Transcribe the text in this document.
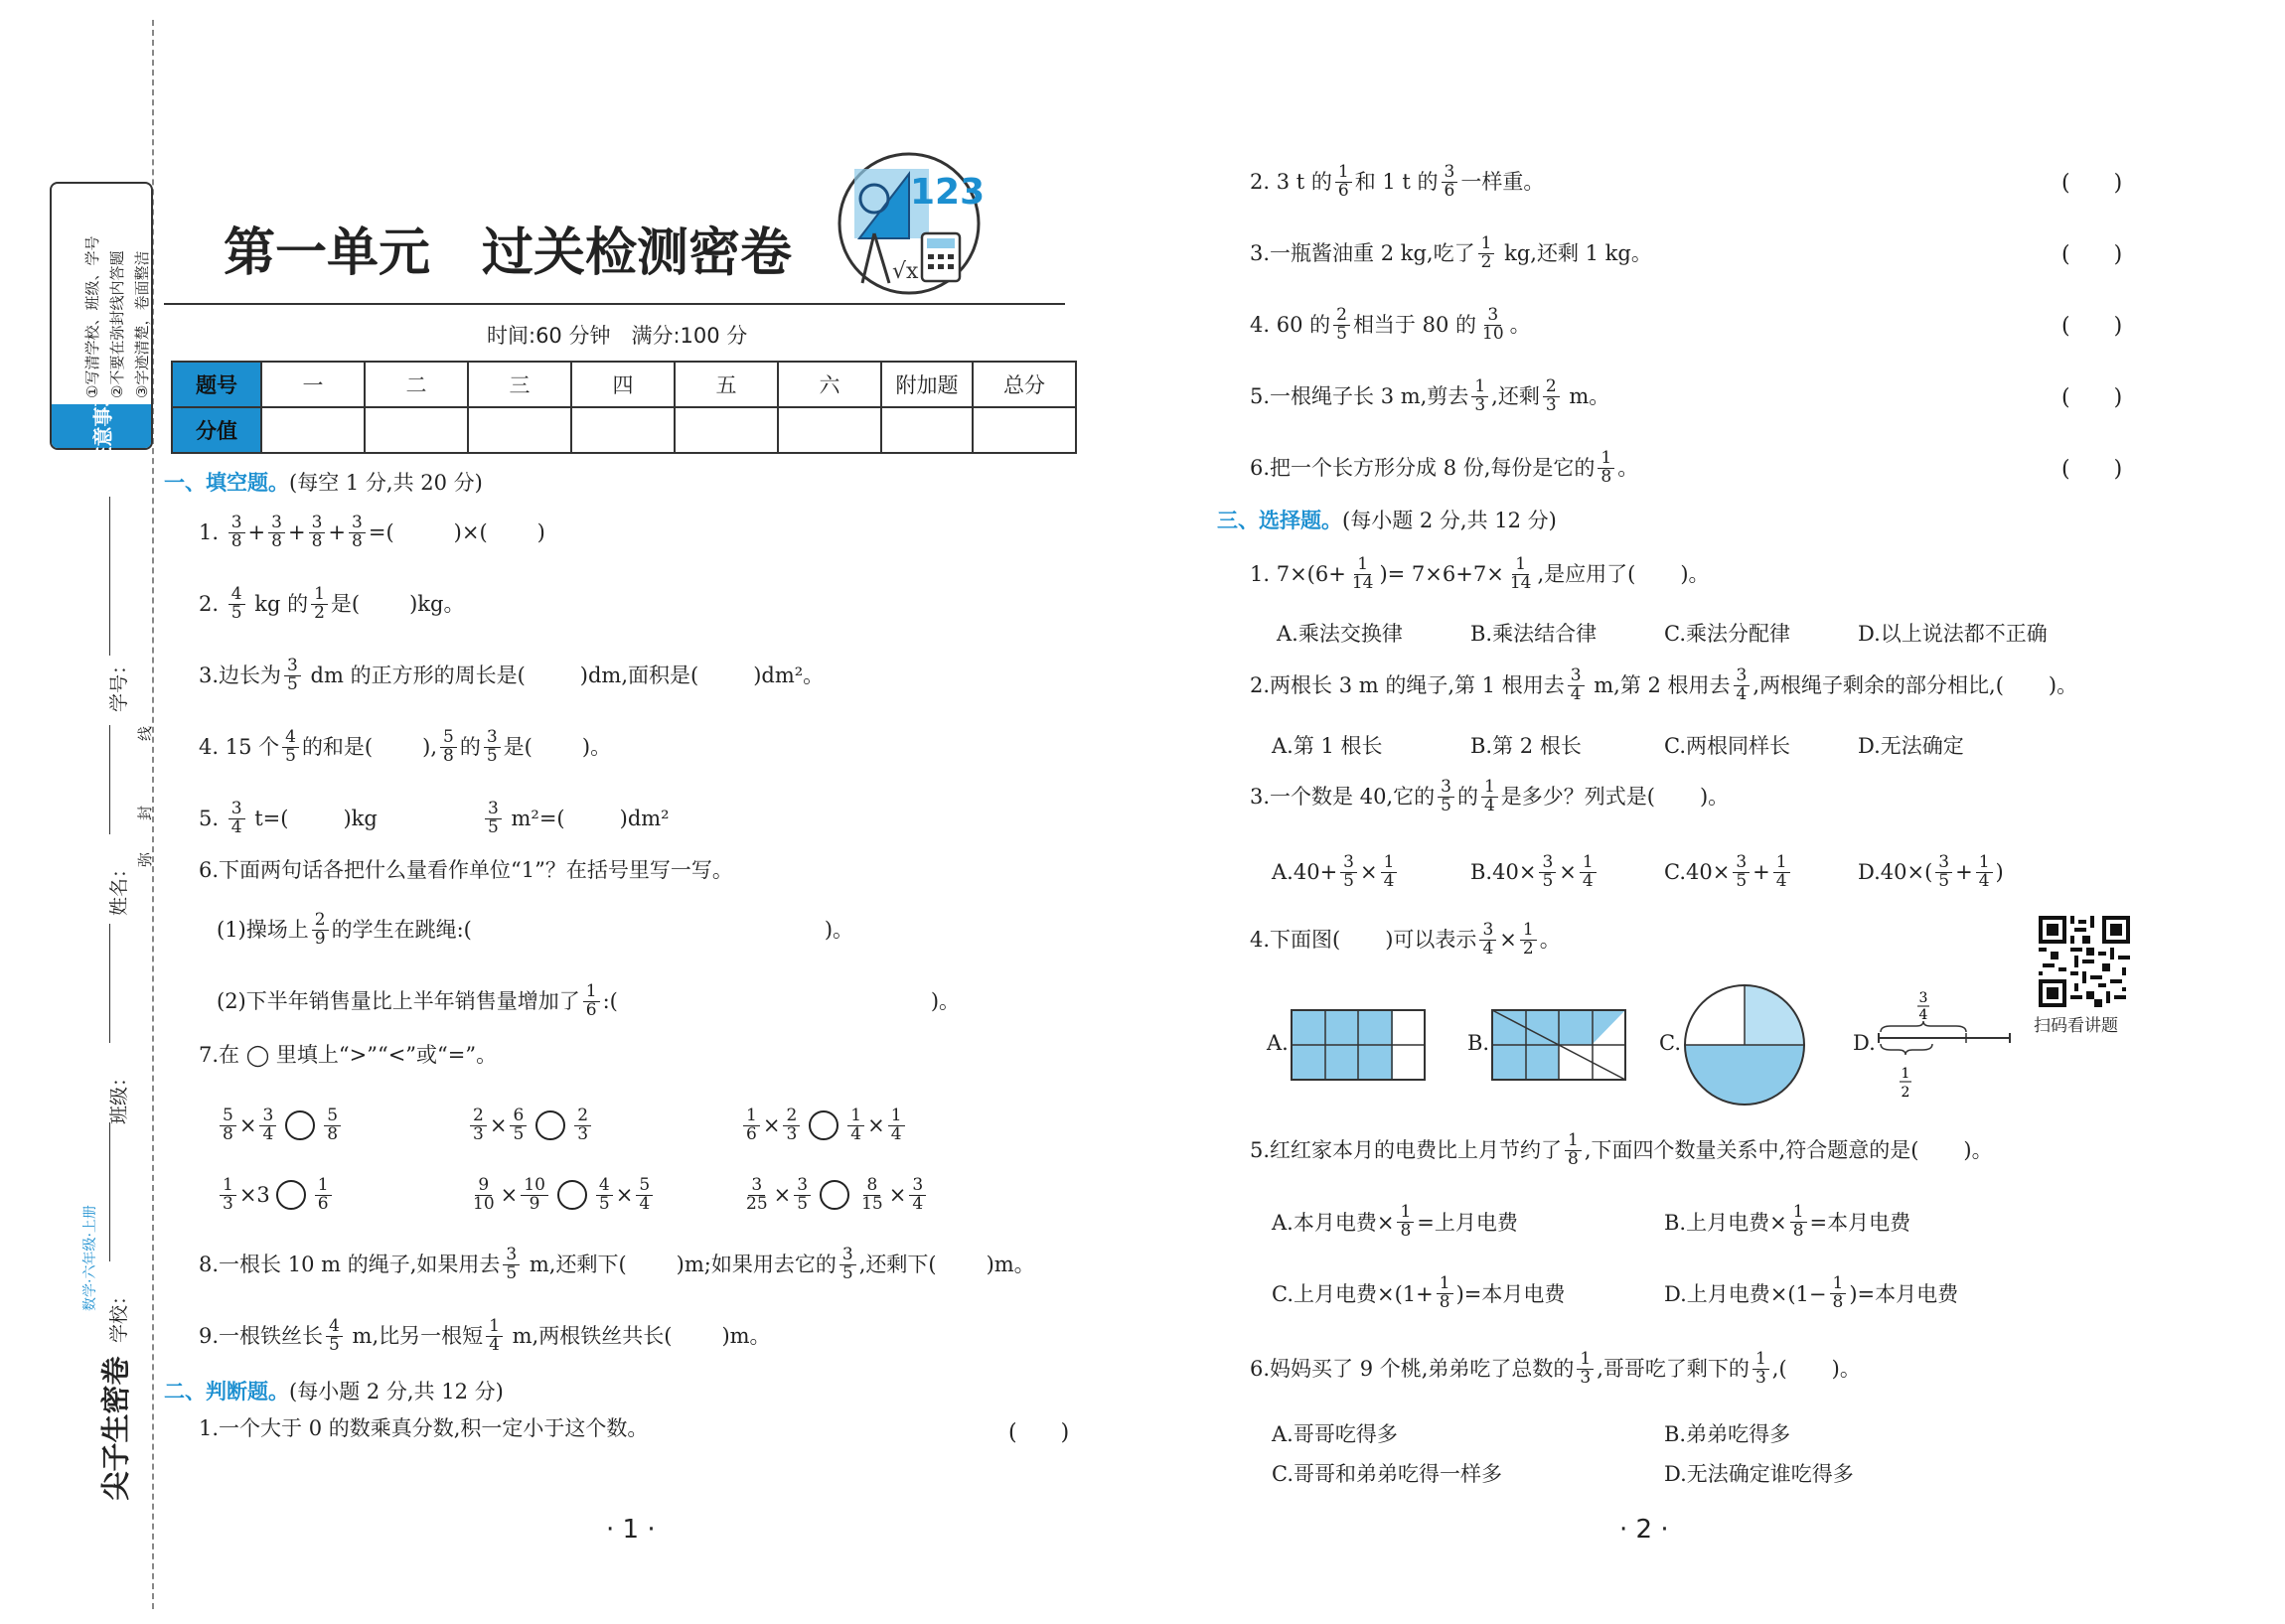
注意事项
①写清学校、班级、学号 ②不要在弥封线内答题 ③字迹清楚，卷面整洁
学号：
姓名：
班级：
学校：
线
封
弥
数学·六年级·上册
尖子生密卷
第一单元　过关检测密卷
123
√x
时间:60 分钟　满分:100 分
题号	一	二	三	四	五	六	附加题	总分
分值								
一、填空题。(每空 1 分,共 20 分)
1. $\frac{3}{8} + \frac{3}{8} + \frac{3}{8} + \frac{3}{8}$ =(	)×( )
2. $\frac{4}{5}$ kg 的 $\frac{1}{2}$ 是( )kg。
3.边长为 $\frac{3}{5}$ dm 的正方形的周长是(	)dm,面积是(	)dm²。
4. 15 个 $\frac{4}{5}$ 的和是( ), $\frac{5}{8}$ 的 $\frac{3}{5}$ 是( )。
5. $\frac{3}{4} t=$(	)kg	$\frac{3}{5} m^2=$(	)dm²
6.下面两句话各把什么量看作单位“1”？在括号里写一写。
(1)操场上 $\frac{2}{9}$ 的学生在跳绳:(	)。
(2)下半年销售量比上半年销售量增加了 $\frac{1}{6}$ :(	)。
7.在 ◯ 里填上“>”“<”或“=”。
$\frac{5}{8} \times \frac{3}{4}$	$\frac{5}{8}$	$\frac{2}{3} \times \frac{6}{5}$	$\frac{2}{3}$	$\frac{1}{6} \times \frac{2}{3}$	$\frac{1}{4} \times \frac{1}{4}$
$\frac{1}{3} \times 3$	$\frac{1}{6}$	$\frac{9}{10} \times \frac{10}{9}$	$\frac{4}{5} \times \frac{5}{4}$	$\frac{3}{25} \times \frac{3}{5}$	$\frac{8}{15} \times \frac{3}{4}$
8.一根长 10 m 的绳子,如果用去 $\frac{3}{5} m$,还剩下( )m;如果用去它的 $\frac{3}{5}$ ,还剩下( )m。
9.一根铁丝长 $\frac{4}{5} m$,比另一根短 $\frac{1}{4} m$,两根铁丝共长( )m。
二、判断题。(每小题 2 分,共 12 分)
1.一个大于 0 的数乘真分数,积一定小于这个数。	(　　)
· 1 ·
2. 3 t 的 $\frac{1}{6}$ 和 1 t 的 $\frac{3}{6}$ 一样重。	(　　)
3.一瓶酱油重 2 kg,吃了 $\frac{1}{2}$ kg,还剩 1 kg。	(　　)
4. 60 的 $\frac{2}{5}$ 相当于 80 的 $\frac{3}{10}$ 。	(　　)
5.一根绳子长 3 m,剪去 $\frac{1}{3}$ ,还剩 $\frac{2}{3}$ m。	(　　)
6.把一个长方形分成 8 份,每份是它的 $\frac{1}{8}$ 。	(　　)
三、选择题。(每小题 2 分,共 12 分)
1. $7\times(6+ \frac{1}{14}$ )= $7\times 6+7\times \frac{1}{14}$ ,是应用了( )。
A.乘法交换律	B.乘法结合律	C.乘法分配律	D.以上说法都不正确
2.两根长 3 m 的绳子,第 1 根用去 $\frac{3}{4} m$,第 2 根用去 $\frac{3}{4}$ ,两根绳子剩余的部分相比,( )。
A.第 1 根长	B.第 2 根长	C.两根同样长	D.无法确定
3.一个数是 40,它的 $\frac{3}{5}$ 的 $\frac{1}{4}$ 是多少？列式是( )。
$A.40+ \frac{3}{5} \times \frac{1}{4}$	$B.40\times \frac{3}{5} \times \frac{1}{4}$	$C.40\times \frac{3}{5} + \frac{1}{4}$	$D.40\times( \frac{3}{5} + \frac{1}{4}$ )
4.下面图( )可以表示 $\frac{3}{4} \times \frac{1}{2}$ 。
扫码看讲题
A.	B.	C.	D.
3
4
1
2
5.红红家本月的电费比上月节约了 $\frac{1}{8}$ ,下面四个数量关系中,符合题意的是( )。
A.本月电费× $\frac{1}{8}$ =上月电费	B.上月电费× $\frac{1}{8}$ =本月电费
C.上月电费$\times(1+ \frac{1}{8}$ )=本月电费	D.上月电费$\times(1- \frac{1}{8}$ )=本月电费
6.妈妈买了 9 个桃,弟弟吃了总数的 $\frac{1}{3}$ ,哥哥吃了剩下的 $\frac{1}{3}$ ,( )。
A.哥哥吃得多	B.弟弟吃得多
C.哥哥和弟弟吃得一样多	D.无法确定谁吃得多
· 2 ·
